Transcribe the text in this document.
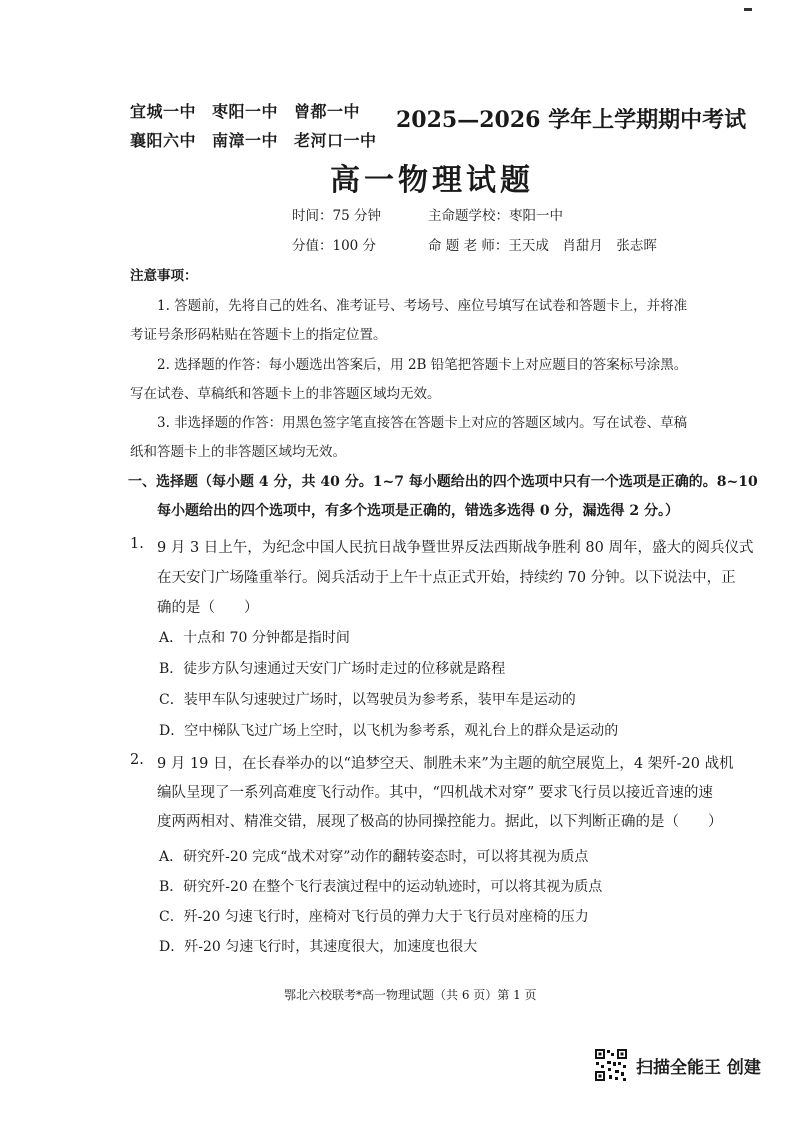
宜城一中 枣阳一中 曾都一中
襄阳六中 南漳一中 老河口一中
2025—2026 学年上学期期中考试
高一物理试题
时间：75 分钟	主命题学校：枣阳一中
分值：100 分	命 题 老 师：王天成　肖甜月　张志晖
注意事项：
1. 答题前，先将自己的姓名、准考证号、考场号、座位号填写在试卷和答题卡上，并将准
考证号条形码粘贴在答题卡上的指定位置。
2. 选择题的作答：每小题选出答案后，用 2B 铅笔把答题卡上对应题目的答案标号涂黑。
写在试卷、草稿纸和答题卡上的非答题区域均无效。
3. 非选择题的作答：用黑色签字笔直接答在答题卡上对应的答题区域内。写在试卷、草稿
纸和答题卡上的非答题区域均无效。
一、选择题（每小题 4 分，共 40 分。1~7 每小题给出的四个选项中只有一个选项是正确的。8~10
每小题给出的四个选项中，有多个选项是正确的，错选多选得 0 分，漏选得 2 分。）
1. 9 月 3 日上午，为纪念中国人民抗日战争暨世界反法西斯战争胜利 80 周年，盛大的阅兵仪式
在天安门广场隆重举行。阅兵活动于上午十点正式开始，持续约 70 分钟。以下说法中，正
确的是（　　）
A．十点和 70 分钟都是指时间
B．徒步方队匀速通过天安门广场时走过的位移就是路程
C．装甲车队匀速驶过广场时，以驾驶员为参考系，装甲车是运动的
D．空中梯队飞过广场上空时，以飞机为参考系，观礼台上的群众是运动的
2. 9 月 19 日，在长春举办的以“追梦空天、制胜未来”为主题的航空展览上，4 架歼-20 战机
编队呈现了一系列高难度飞行动作。其中，“四机战术对穿” 要求飞行员以接近音速的速
度两两相对、精准交错，展现了极高的协同操控能力。据此，以下判断正确的是（　　）
A．研究歼-20 完成“战术对穿”动作的翻转姿态时，可以将其视为质点
B．研究歼-20 在整个飞行表演过程中的运动轨迹时，可以将其视为质点
C．歼-20 匀速飞行时，座椅对飞行员的弹力大于飞行员对座椅的压力
D．歼-20 匀速飞行时，其速度很大，加速度也很大
鄂北六校联考*高一物理试题（共 6 页）第 1 页
扫描全能王 创建
